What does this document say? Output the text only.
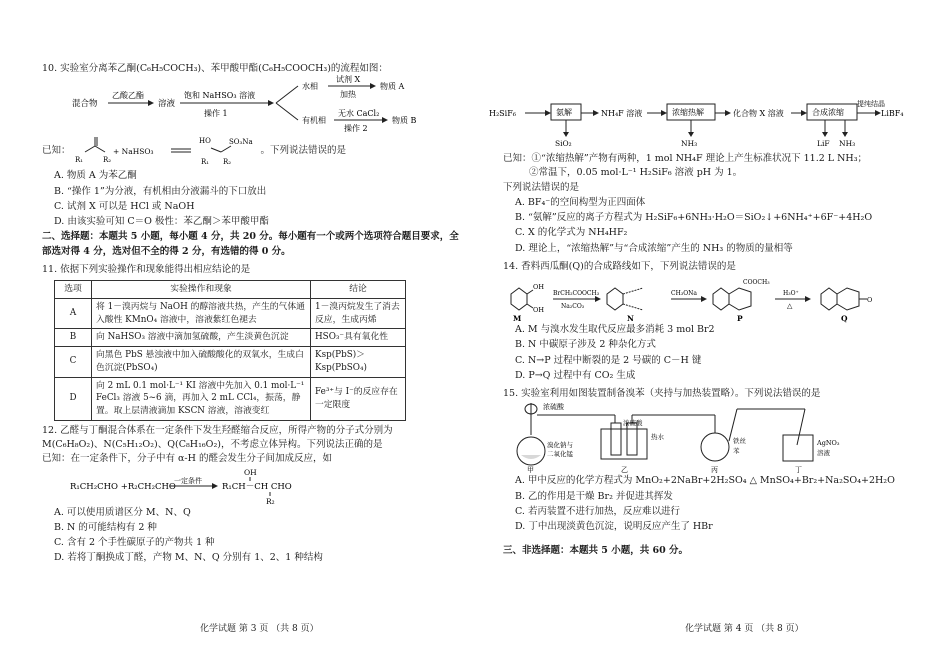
10. 实验室分离苯乙酮(C₆H₅COCH₃)、苯甲酸甲酯(C₆H₅COOCH₃)的流程如图：

混合物
乙酸乙酯
溶液
饱和 NaHSO₃ 溶液
操作 1
水相
试剂 X
加热
物质 A
有机相
无水 CaCl₂
操作 2
物质 B
已知：
R₁	R₂
+ NaHSO₃
HO	SO₃Na
R₁ R₂
。下列说法错误的是

A. 物质 A 为苯乙酮

B. “操作 1”为分液，有机相由分液漏斗的下口放出

C. 试剂 X 可以是 HCl 或 NaOH

D. 由该实验可知 C＝O 极性：苯乙酮＞苯甲酸甲酯

二、选择题：本题共 5 小题，每小题 4 分，共 20 分。每小题有一个或两个选项符合题目要求，全部选对得 4 分，选对但不全的得 2 分，有选错的得 0 分。

11. 依据下列实验操作和现象能得出相应结论的是

选项	实验操作和现象	结论
A	将 1－溴丙烷与 NaOH 的醇溶液共热，产生的气体通入酸性 KMnO₄ 溶液中，溶液紫红色褪去	1－溴丙烷发生了消去反应，生成丙烯
B	向 NaHSO₃ 溶液中滴加氢硫酸，产生淡黄色沉淀	HSO₃⁻具有氧化性
C	向黑色 PbS 悬浊液中加入硫酸酸化的双氧水，生成白色沉淀(PbSO₄)	Ksp(PbS)＞Ksp(PbSO₄)
D	向 2 mL 0.1 mol·L⁻¹ KI 溶液中先加入 0.1 mol·L⁻¹ FeCl₃ 溶液 5~6 滴，再加入 2 mL CCl₄，振荡，静置。取上层清液滴加 KSCN 溶液，溶液变红	Fe³⁺与 I⁻的反应存在一定限度

12. 乙醛与丁酮混合体系在一定条件下发生羟醛缩合反应，所得产物的分子式分别为

M(C₆H₈O₂)、N(C₅H₁₂O₂)、Q(C₈H₁₆O₂)，不考虑立体异构。下列说法正确的是

已知：在一定条件下，分子中有 α-H 的醛会发生分子间加成反应，如

OH
R₁CH₂CHO +R₂CH₂CHO
一定条件
R₁CH－CH CHO
R₂

A. 可以使用质谱区分 M、N、Q

B. N 的可能结构有 2 种

C. 含有 2 个手性碳原子的产物共 1 种

D. 若将丁酮换成丁醛，产物 M、N、Q 分别有 1、2、1 种结构

化学试题 第 3 页 （共 8 页）
H₂SiF₆	氨解	NH₄F 溶液	浓缩热解	化合物 X 溶液	合成浓缩
提纯结晶
LiBF₄
SiO₂	NH₃	LiF NH₃

已知：①“浓缩热解”产物有两种，1 mol NH₄F 理论上产生标准状况下 11.2 L NH₃；

②常温下，0.05 mol·L⁻¹ H₂SiF₆ 溶液 pH 为 1。

下列说法错误的是

A. BF₄⁻的空间构型为正四面体

B. “氨解”反应的离子方程式为 H₂SiF₆+6NH₃·H₂O＝SiO₂↓+6NH₄⁺+6F⁻+4H₂O

C. X 的化学式为 NH₄HF₂

D. 理论上，“浓缩热解”与“合成浓缩”产生的 NH₃ 的物质的量相等

14. 香料西瓜酮(Q)的合成路线如下，下列说法错误的是

OH
OH
M
BrCH₂COOCH₃
Na₂CO₃
N
CH₃ONa
COOCH₃
P
H₃O⁺
△
O
Q

A. M 与溴水发生取代反应最多消耗 3 mol Br2

B. N 中碳原子涉及 2 种杂化方式

C. N→P 过程中断裂的是 2 号碳的 C－H 键

D. P→Q 过程中有 CO₂ 生成

15. 实验室利用如图装置制备溴苯（夹持与加热装置略）。下列说法错误的是

浓硫酸
溴化钠与
二氧化锰
甲
浓硫酸
热水
乙
铁丝
苯
丙
AgNO₃
溶液
丁

A. 甲中反应的化学方程式为 MnO₂+2NaBr+2H₂SO₄ △ MnSO₄+Br₂+Na₂SO₄+2H₂O

B. 乙的作用是干燥 Br₂ 并促进其挥发

C. 若丙装置不进行加热，反应难以进行

D. 丁中出现淡黄色沉淀，说明反应产生了 HBr

三、非选择题：本题共 5 小题，共 60 分。

化学试题 第 4 页 （共 8 页）
